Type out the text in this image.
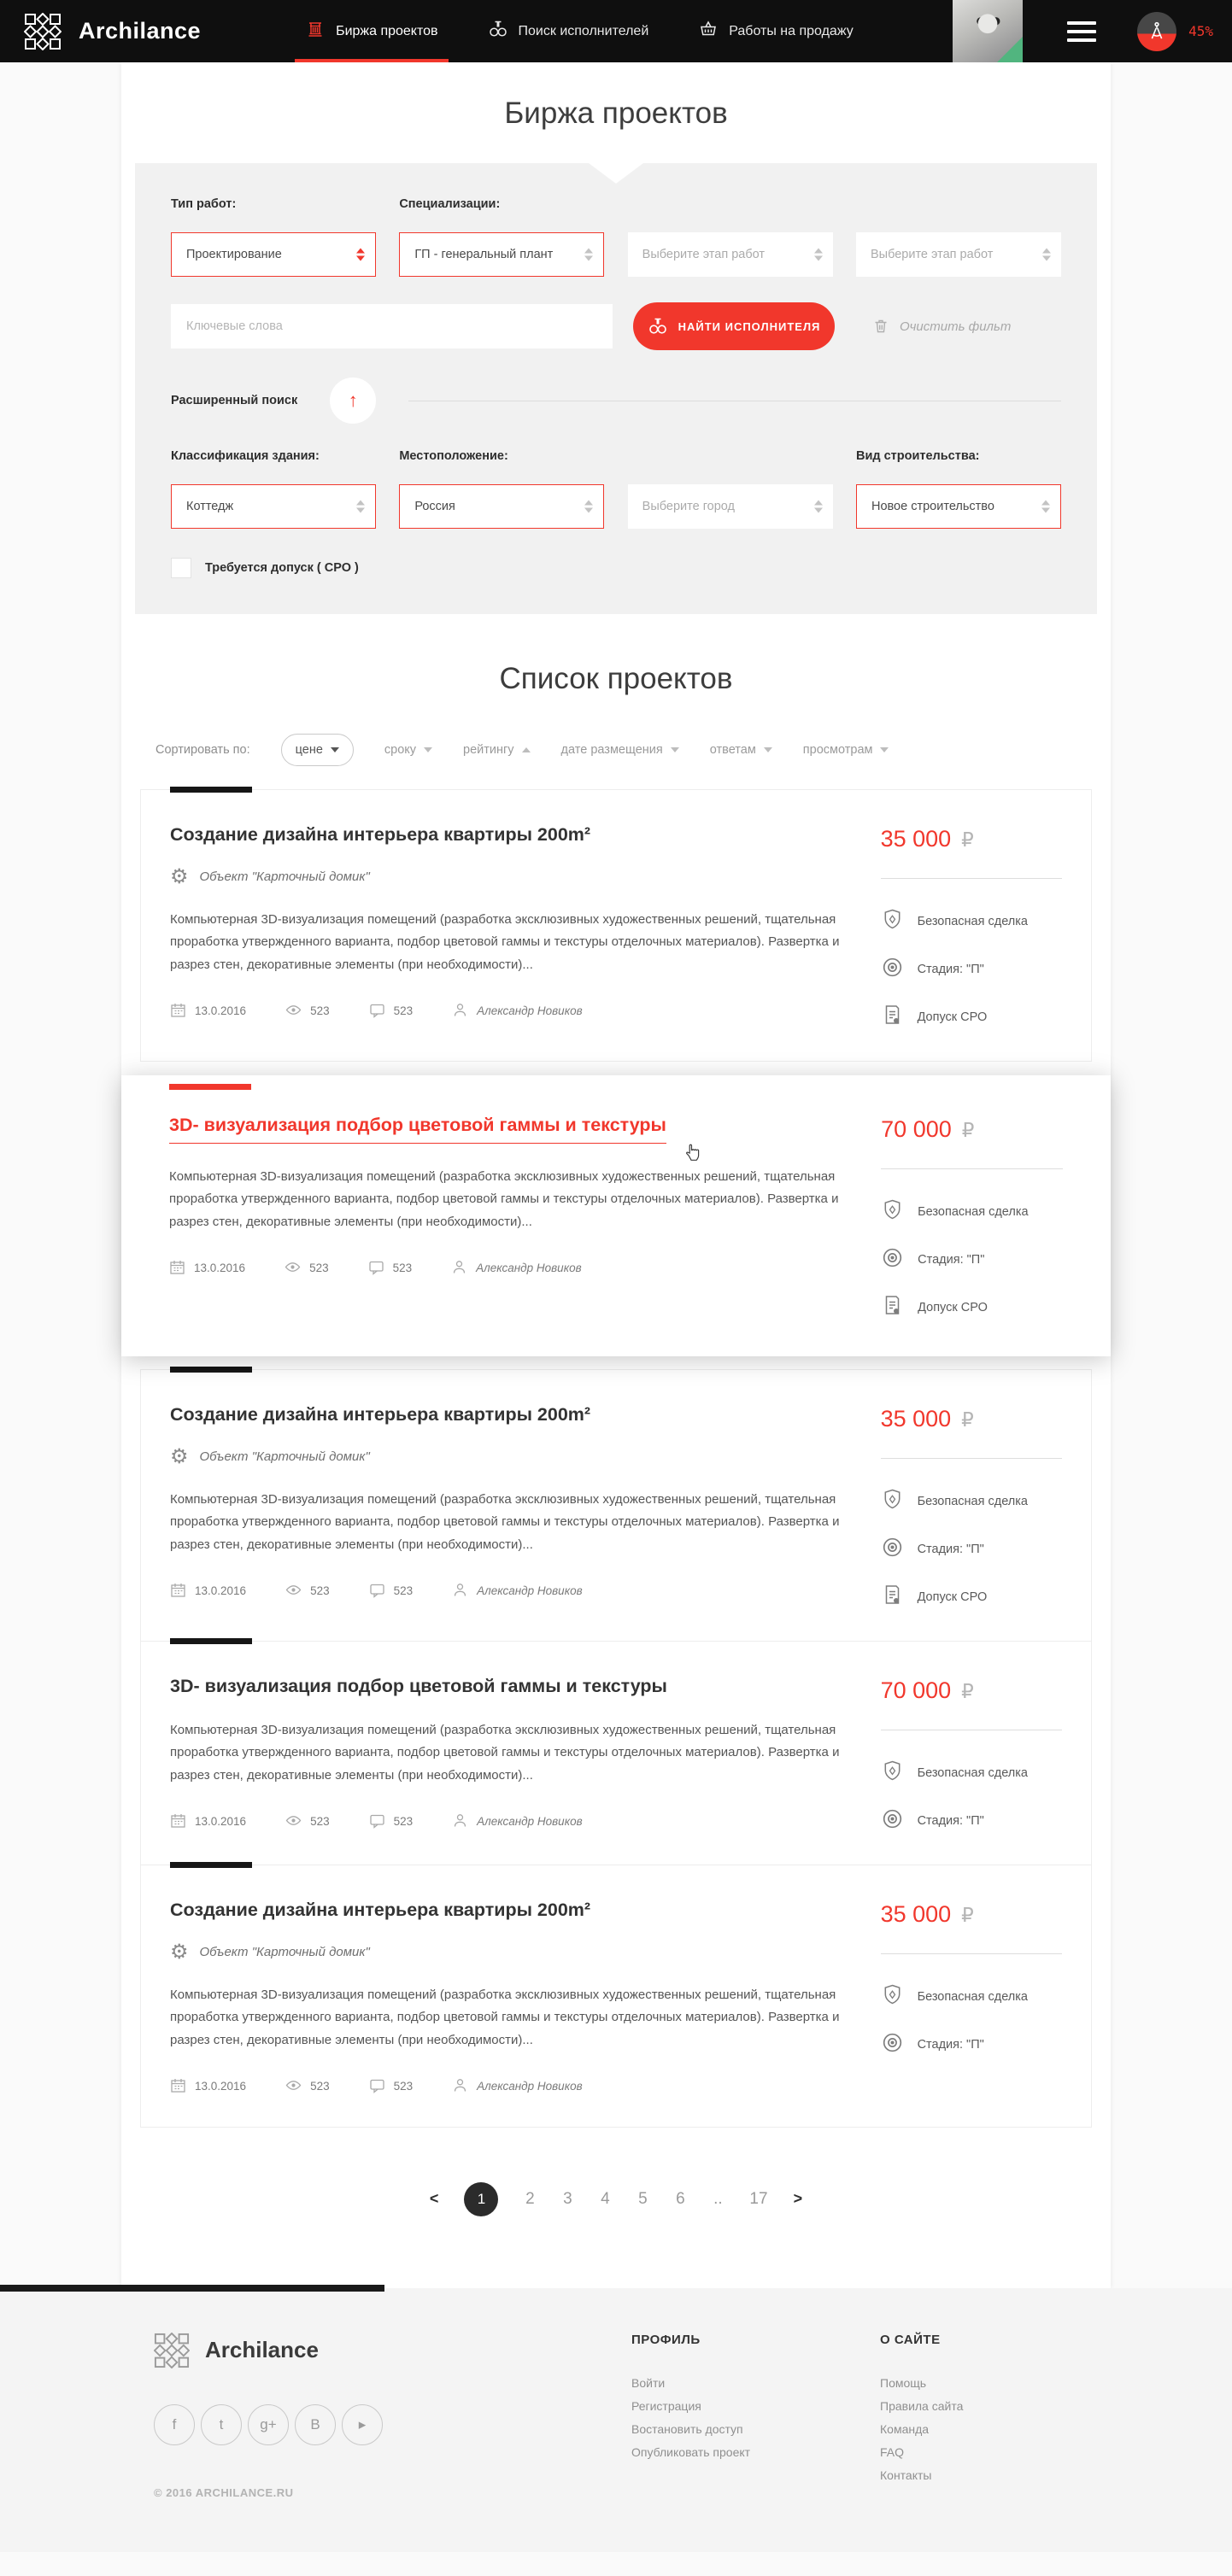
Archilance	Биржа проектов	Поиск исполнителей	Работы на продажу	45%
Биржа проектов
Тип работ:
Проектирование
Специализации:
ГП - генеральный плант	Выберите этап работ	Выберите этап работ
Ключевые слова
НАЙТИ ИСПОЛНИТЕЛЯ	Очистить фильт
Расширенный поиск	↑
Классификация здания:
Коттедж
Местоположение:
Россия	Выберите город
Вид строительства:
Новое строительство
Требуется допуск ( СРО )
Список проектов
Сортировать по:	цене	сроку	рейтингу	дате размещения	ответам	просмотрам
Создание дизайна интерьера квартиры 200m²
⚙ Объект "Карточный домик"

Компьютерная 3D-визуализация помещений (разработка эксклюзивных художественных решений, тщательная проработка утвержденного варианта, подбор цветовой гаммы и текстуры отделочных материалов). Развертка и разрез стен, декоративные элементы (при необходимости)...

13.0.2016	523	523	Александр Новиков
35 000 ₽
Безопасная сделка
Стадия: "П"
Допуск СРО
3D- визуализация подбор цветовой гаммы и текстуры

Компьютерная 3D-визуализация помещений (разработка эксклюзивных художественных решений, тщательная проработка утвержденного варианта, подбор цветовой гаммы и текстуры отделочных материалов). Развертка и разрез стен, декоративные элементы (при необходимости)...

13.0.2016	523	523	Александр Новиков
70 000 ₽
Безопасная сделка
Стадия: "П"
Допуск СРО
Создание дизайна интерьера квартиры 200m²
⚙ Объект "Карточный домик"

Компьютерная 3D-визуализация помещений (разработка эксклюзивных художественных решений, тщательная проработка утвержденного варианта, подбор цветовой гаммы и текстуры отделочных материалов). Развертка и разрез стен, декоративные элементы (при необходимости)...

13.0.2016	523	523	Александр Новиков
35 000 ₽
Безопасная сделка
Стадия: "П"
Допуск СРО
3D- визуализация подбор цветовой гаммы и текстуры

Компьютерная 3D-визуализация помещений (разработка эксклюзивных художественных решений, тщательная проработка утвержденного варианта, подбор цветовой гаммы и текстуры отделочных материалов). Развертка и разрез стен, декоративные элементы (при необходимости)...

13.0.2016	523	523	Александр Новиков
70 000 ₽
Безопасная сделка
Стадия: "П"
Создание дизайна интерьера квартиры 200m²
⚙ Объект "Карточный домик"

Компьютерная 3D-визуализация помещений (разработка эксклюзивных художественных решений, тщательная проработка утвержденного варианта, подбор цветовой гаммы и текстуры отделочных материалов). Развертка и разрез стен, декоративные элементы (при необходимости)...

13.0.2016	523	523	Александр Новиков
35 000 ₽
Безопасная сделка
Стадия: "П"
<	1	2 3 4 5 6 .. 17 >
Archilance
f	t	g+	В	▸
© 2016 ARCHILANCE.RU
ПРОФИЛЬ
Войти
Регистрация
Востановить доступ
Опубликовать проект
О САЙТЕ
Помощь
Правила сайта
Команда
FAQ
Контакты
